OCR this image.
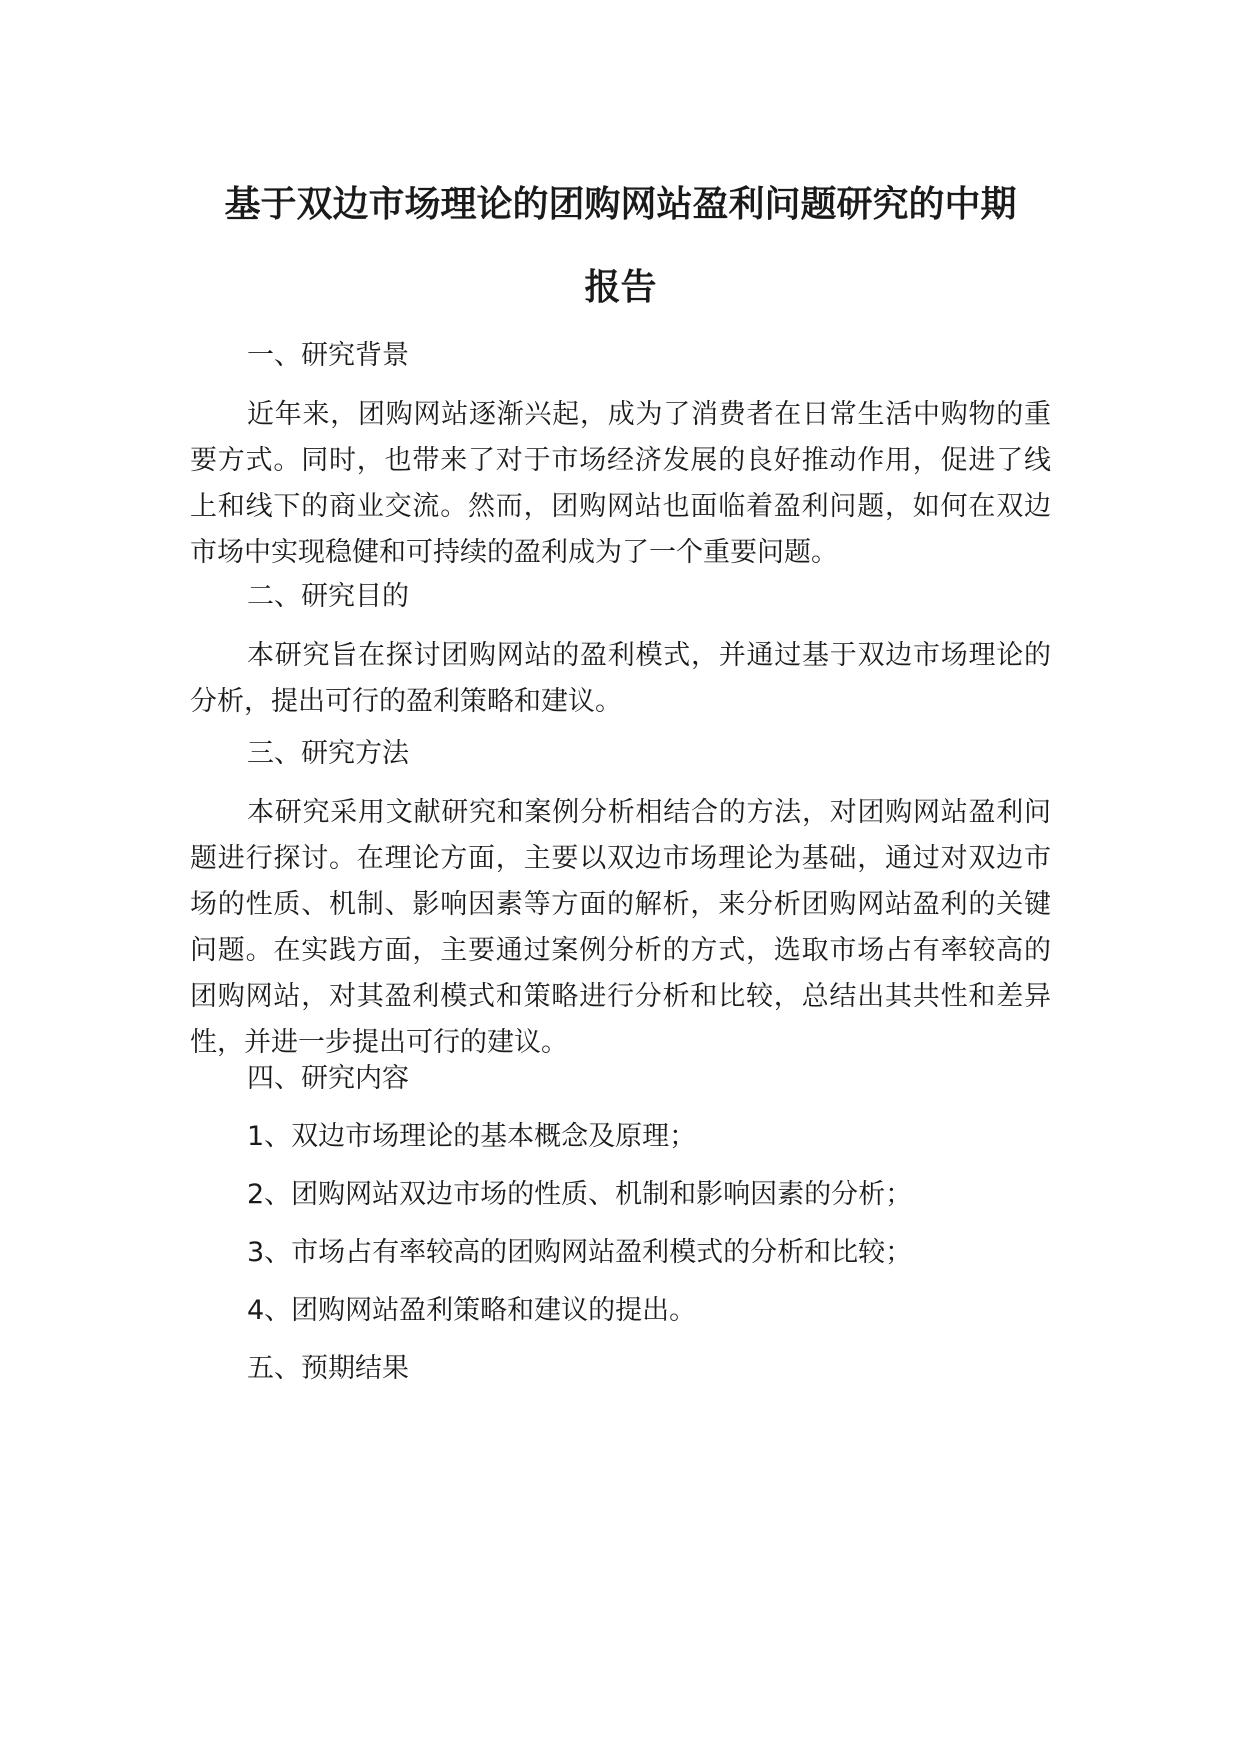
基于双边市场理论的团购网站盈利问题研究的中期
报告

一、研究背景

近年来，团购网站逐渐兴起，成为了消费者在日常生活中购物的重要方式。同时，也带来了对于市场经济发展的良好推动作用，促进了线上和线下的商业交流。然而，团购网站也面临着盈利问题，如何在双边市场中实现稳健和可持续的盈利成为了一个重要问题。

二、研究目的

本研究旨在探讨团购网站的盈利模式，并通过基于双边市场理论的分析，提出可行的盈利策略和建议。

三、研究方法

本研究采用文献研究和案例分析相结合的方法，对团购网站盈利问题进行探讨。在理论方面，主要以双边市场理论为基础，通过对双边市场的性质、机制、影响因素等方面的解析，来分析团购网站盈利的关键问题。在实践方面，主要通过案例分析的方式，选取市场占有率较高的团购网站，对其盈利模式和策略进行分析和比较，总结出其共性和差异性，并进一步提出可行的建议。

四、研究内容

1、双边市场理论的基本概念及原理；

2、团购网站双边市场的性质、机制和影响因素的分析；

3、市场占有率较高的团购网站盈利模式的分析和比较；

4、团购网站盈利策略和建议的提出。

五、预期结果
